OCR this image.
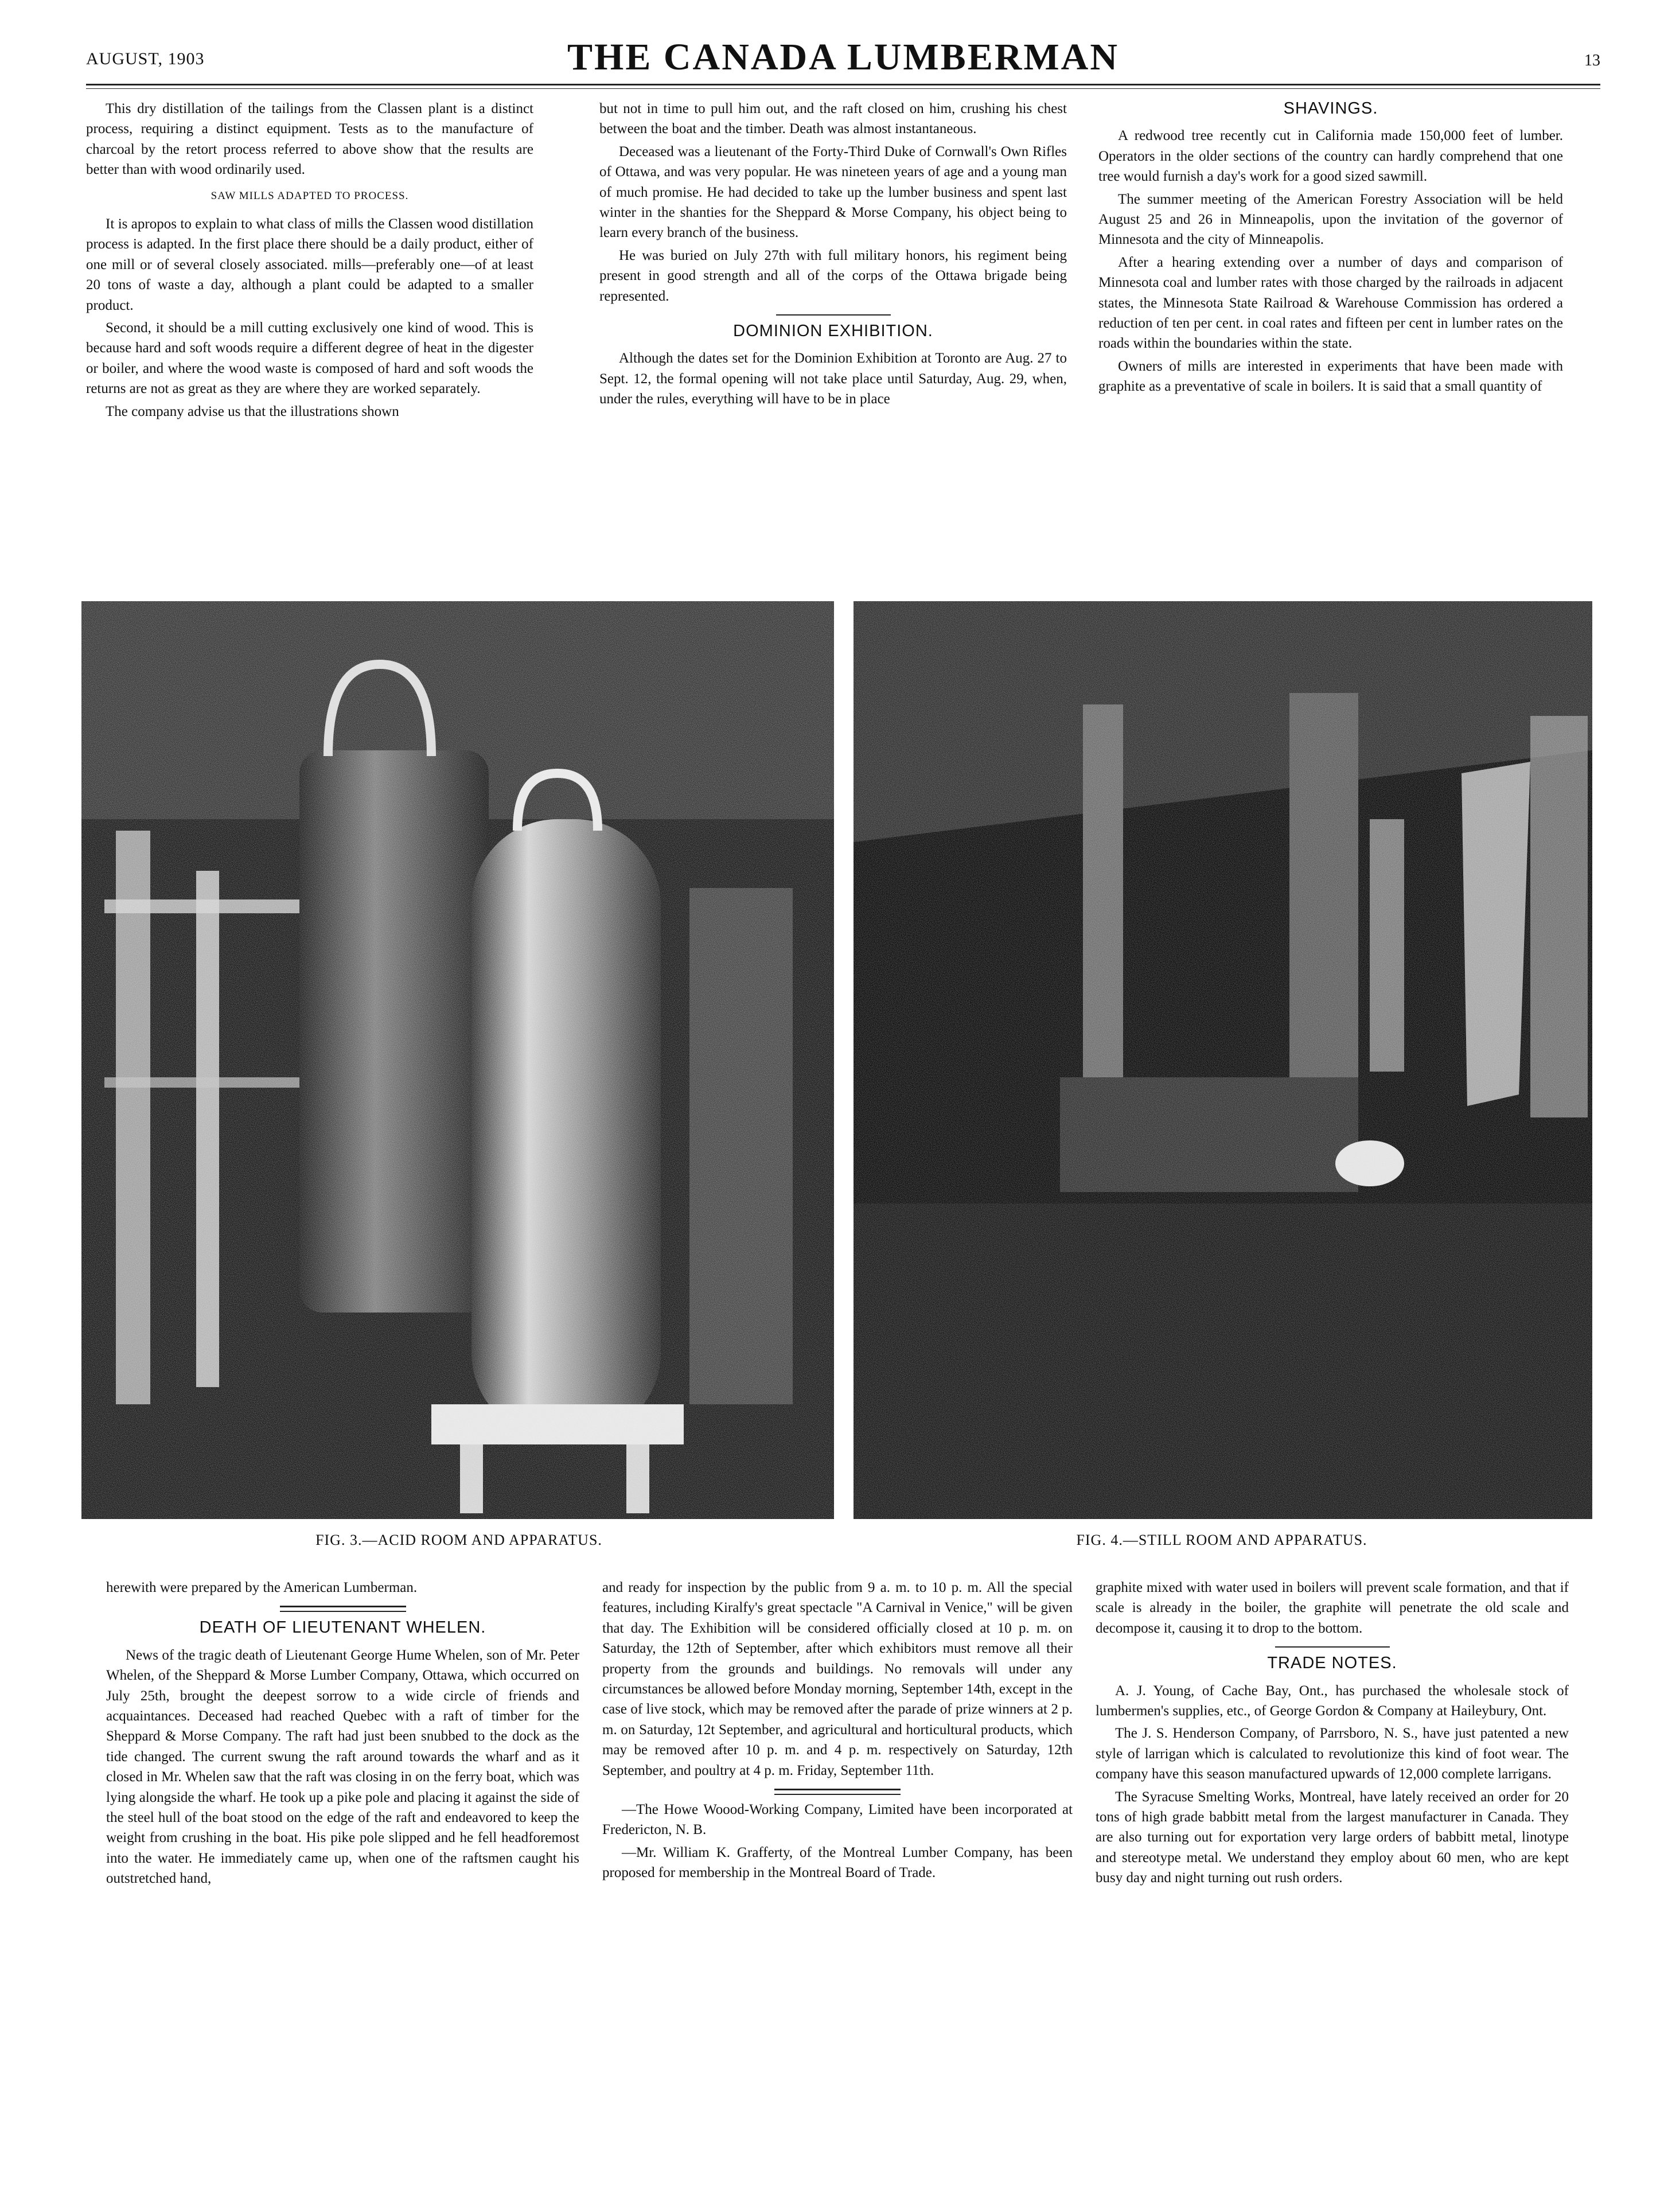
AUGUST, 1903	THE CANADA LUMBERMAN	13

This dry distillation of the tailings from the Classen plant is a distinct process, requiring a distinct equipment. Tests as to the manufacture of charcoal by the retort process referred to above show that the results are better than with wood ordinarily used.

SAW MILLS ADAPTED TO PROCESS.

It is apropos to explain to what class of mills the Classen wood distillation process is adapted. In the first place there should be a daily product, either of one mill or of several closely associated. mills—preferably one—of at least 20 tons of waste a day, although a plant could be adapted to a smaller product.

Second, it should be a mill cutting exclusively one kind of wood. This is because hard and soft woods require a different degree of heat in the digester or boiler, and where the wood waste is composed of hard and soft woods the returns are not as great as they are where they are worked separately.

The company advise us that the illustrations shown

but not in time to pull him out, and the raft closed on him, crushing his chest between the boat and the timber. Death was almost instantaneous.

Deceased was a lieutenant of the Forty-Third Duke of Cornwall's Own Rifles of Ottawa, and was very popular. He was nineteen years of age and a young man of much promise. He had decided to take up the lumber business and spent last winter in the shanties for the Sheppard & Morse Company, his object being to learn every branch of the business.

He was buried on July 27th with full military honors, his regiment being present in good strength and all of the corps of the Ottawa brigade being represented.

DOMINION EXHIBITION.

Although the dates set for the Dominion Exhibition at Toronto are Aug. 27 to Sept. 12, the formal opening will not take place until Saturday, Aug. 29, when, under the rules, everything will have to be in place

SHAVINGS.

A redwood tree recently cut in California made 150,000 feet of lumber. Operators in the older sections of the country can hardly comprehend that one tree would furnish a day's work for a good sized sawmill.

The summer meeting of the American Forestry Association will be held August 25 and 26 in Minneapolis, upon the invitation of the governor of Minnesota and the city of Minneapolis.

After a hearing extending over a number of days and comparison of Minnesota coal and lumber rates with those charged by the railroads in adjacent states, the Minnesota State Railroad & Warehouse Commission has ordered a reduction of ten per cent. in coal rates and fifteen per cent in lumber rates on the roads within the boundaries within the state.

Owners of mills are interested in experiments that have been made with graphite as a preventative of scale in boilers. It is said that a small quantity of

FIG. 3.—ACID ROOM AND APPARATUS.	FIG. 4.—STILL ROOM AND APPARATUS.

herewith were prepared by the American Lumberman.

DEATH OF LIEUTENANT WHELEN.

News of the tragic death of Lieutenant George Hume Whelen, son of Mr. Peter Whelen, of the Sheppard & Morse Lumber Company, Ottawa, which occurred on July 25th, brought the deepest sorrow to a wide circle of friends and acquaintances. Deceased had reached Quebec with a raft of timber for the Sheppard & Morse Company. The raft had just been snubbed to the dock as the tide changed. The current swung the raft around towards the wharf and as it closed in Mr. Whelen saw that the raft was closing in on the ferry boat, which was lying alongside the wharf. He took up a pike pole and placing it against the side of the steel hull of the boat stood on the edge of the raft and endeavored to keep the weight from crushing in the boat. His pike pole slipped and he fell headforemost into the water. He immediately came up, when one of the raftsmen caught his outstretched hand,

and ready for inspection by the public from 9 a. m. to 10 p. m. All the special features, including Kiralfy's great spectacle "A Carnival in Venice," will be given that day. The Exhibition will be considered officially closed at 10 p. m. on Saturday, the 12th of September, after which exhibitors must remove all their property from the grounds and buildings. No removals will under any circumstances be allowed before Monday morning, September 14th, except in the case of live stock, which may be removed after the parade of prize winners at 2 p. m. on Saturday, 12t September, and agricultural and horticultural products, which may be removed after 10 p. m. and 4 p. m. respectively on Saturday, 12th September, and poultry at 4 p. m. Friday, September 11th.

—The Howe Woood-Working Company, Limited have been incorporated at Fredericton, N. B.

—Mr. William K. Grafferty, of the Montreal Lumber Company, has been proposed for membership in the Montreal Board of Trade.

graphite mixed with water used in boilers will prevent scale formation, and that if scale is already in the boiler, the graphite will penetrate the old scale and decompose it, causing it to drop to the bottom.

TRADE NOTES.

A. J. Young, of Cache Bay, Ont., has purchased the wholesale stock of lumbermen's supplies, etc., of George Gordon & Company at Haileybury, Ont.

The J. S. Henderson Company, of Parrsboro, N. S., have just patented a new style of larrigan which is calculated to revolutionize this kind of foot wear. The company have this season manufactured upwards of 12,000 complete larrigans.

The Syracuse Smelting Works, Montreal, have lately received an order for 20 tons of high grade babbitt metal from the largest manufacturer in Canada. They are also turning out for exportation very large orders of babbitt metal, linotype and stereotype metal. We understand they employ about 60 men, who are kept busy day and night turning out rush orders.
